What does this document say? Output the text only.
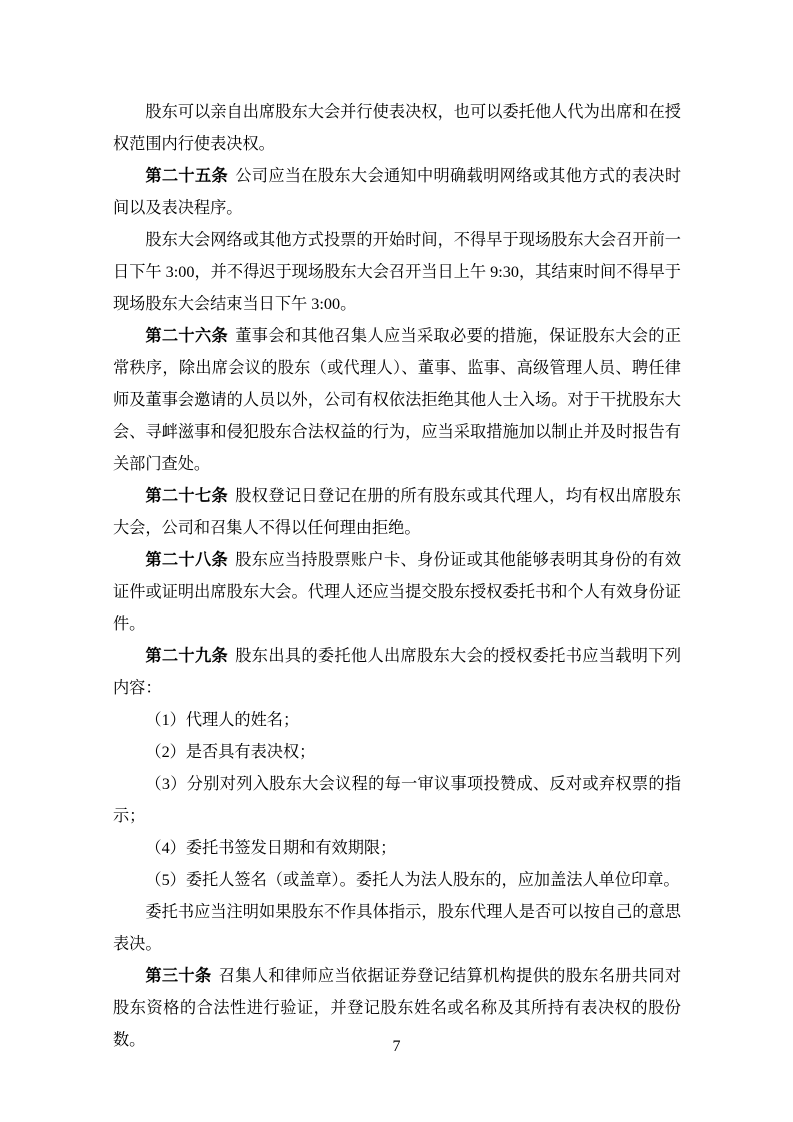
股东可以亲自出席股东大会并行使表决权，也可以委托他人代为出席和在授权范围内行使表决权。

第二十五条 公司应当在股东大会通知中明确载明网络或其他方式的表决时间以及表决程序。

股东大会网络或其他方式投票的开始时间，不得早于现场股东大会召开前一日下午 3:00，并不得迟于现场股东大会召开当日上午 9:30，其结束时间不得早于现场股东大会结束当日下午 3:00。

第二十六条 董事会和其他召集人应当采取必要的措施，保证股东大会的正常秩序，除出席会议的股东（或代理人）、董事、监事、高级管理人员、聘任律师及董事会邀请的人员以外，公司有权依法拒绝其他人士入场。对于干扰股东大会、寻衅滋事和侵犯股东合法权益的行为，应当采取措施加以制止并及时报告有关部门查处。

第二十七条 股权登记日登记在册的所有股东或其代理人，均有权出席股东大会，公司和召集人不得以任何理由拒绝。

第二十八条 股东应当持股票账户卡、身份证或其他能够表明其身份的有效证件或证明出席股东大会。代理人还应当提交股东授权委托书和个人有效身份证件。

第二十九条 股东出具的委托他人出席股东大会的授权委托书应当载明下列内容：

（1）代理人的姓名；

（2）是否具有表决权；

（3）分别对列入股东大会议程的每一审议事项投赞成、反对或弃权票的指示；

（4）委托书签发日期和有效期限；

（5）委托人签名（或盖章）。委托人为法人股东的，应加盖法人单位印章。

委托书应当注明如果股东不作具体指示，股东代理人是否可以按自己的意思表决。

第三十条 召集人和律师应当依据证券登记结算机构提供的股东名册共同对股东资格的合法性进行验证，并登记股东姓名或名称及其所持有表决权的股份数。	7
